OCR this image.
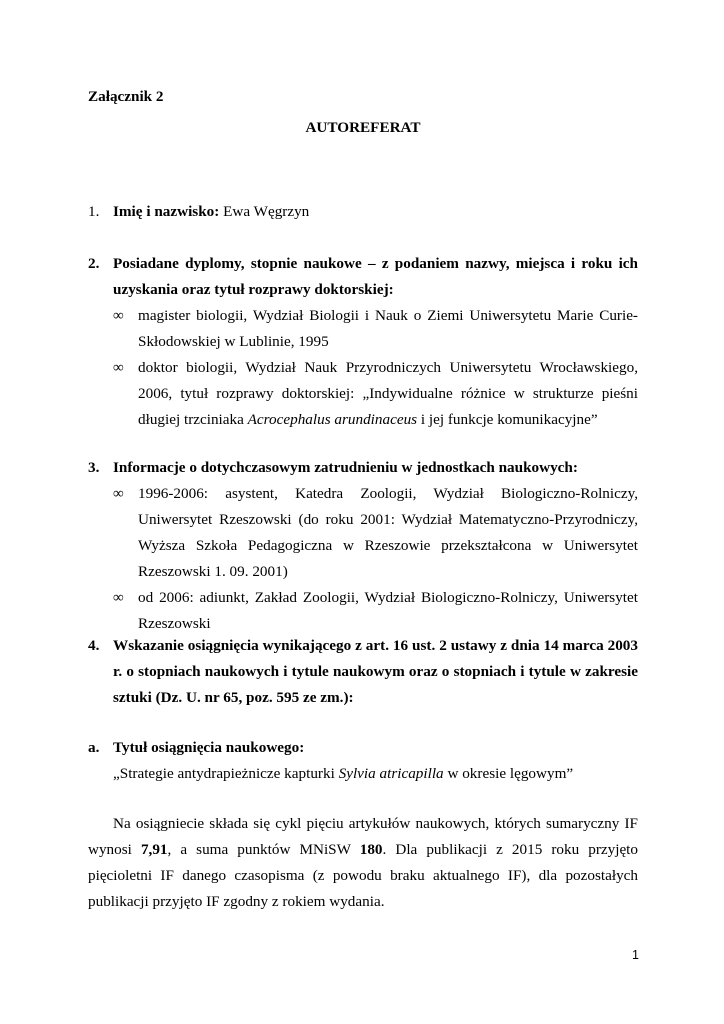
Załącznik 2
AUTOREFERAT
1. Imię i nazwisko: Ewa Węgrzyn
2. Posiadane dyplomy, stopnie naukowe – z podaniem nazwy, miejsca i roku ich uzyskania oraz tytuł rozprawy doktorskiej:
∞ magister biologii, Wydział Biologii i Nauk o Ziemi Uniwersytetu Marie Curie-Skłodowskiej w Lublinie, 1995
∞ doktor biologii, Wydział Nauk Przyrodniczych Uniwersytetu Wrocławskiego, 2006, tytuł rozprawy doktorskiej: „Indywidualne różnice w strukturze pieśni długiej trzciniaka Acrocephalus arundinaceus i jej funkcje komunikacyjne”
3. Informacje o dotychczasowym zatrudnieniu w jednostkach naukowych:
∞ 1996-2006: asystent, Katedra Zoologii, Wydział Biologiczno-Rolniczy, Uniwersytet Rzeszowski (do roku 2001: Wydział Matematyczno-Przyrodniczy, Wyższa Szkoła Pedagogiczna w Rzeszowie przekształcona w Uniwersytet Rzeszowski 1. 09. 2001)
∞ od 2006: adiunkt, Zakład Zoologii, Wydział Biologiczno-Rolniczy, Uniwersytet Rzeszowski
4. Wskazanie osiągnięcia wynikającego z art. 16 ust. 2 ustawy z dnia 14 marca 2003 r. o stopniach naukowych i tytule naukowym oraz o stopniach i tytule w zakresie sztuki (Dz. U. nr 65, poz. 595 ze zm.):
a. Tytuł osiągnięcia naukowego:
„Strategie antydrapieżnicze kapturki Sylvia atricapilla w okresie lęgowym”
Na osiągniecie składa się cykl pięciu artykułów naukowych, których sumaryczny IF wynosi 7,91, a suma punktów MNiSW 180. Dla publikacji z 2015 roku przyjęto pięcioletni IF danego czasopisma (z powodu braku aktualnego IF), dla pozostałych publikacji przyjęto IF zgodny z rokiem wydania.
1
